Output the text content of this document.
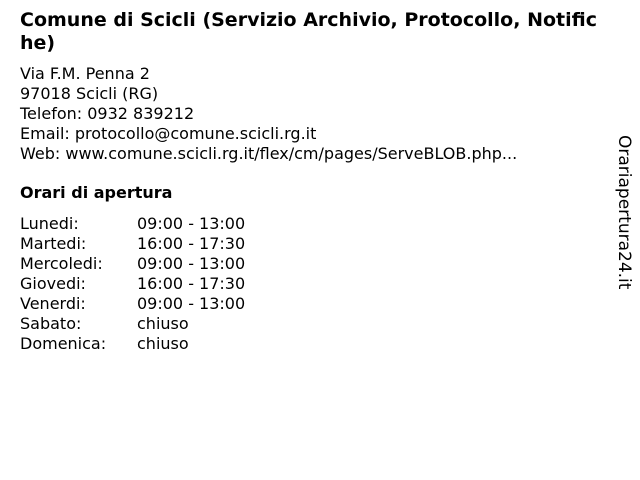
Comune di Scicli (Servizio Archivio, Protocollo, Notifiche)
Via F.M. Penna 2
97018 Scicli (RG)
Telefon: 0932 839212
Email: protocollo@comune.scicli.rg.it
Web: www.comune.scicli.rg.it/flex/cm/pages/ServeBLOB.php...
Orari di apertura
Lunedi:	09:00 - 13:00
Martedi:	16:00 - 17:30
Mercoledi:	09:00 - 13:00
Giovedi:	16:00 - 17:30
Venerdi:	09:00 - 13:00
Sabato:	chiuso
Domenica:	chiuso
Orariapertura24.it
